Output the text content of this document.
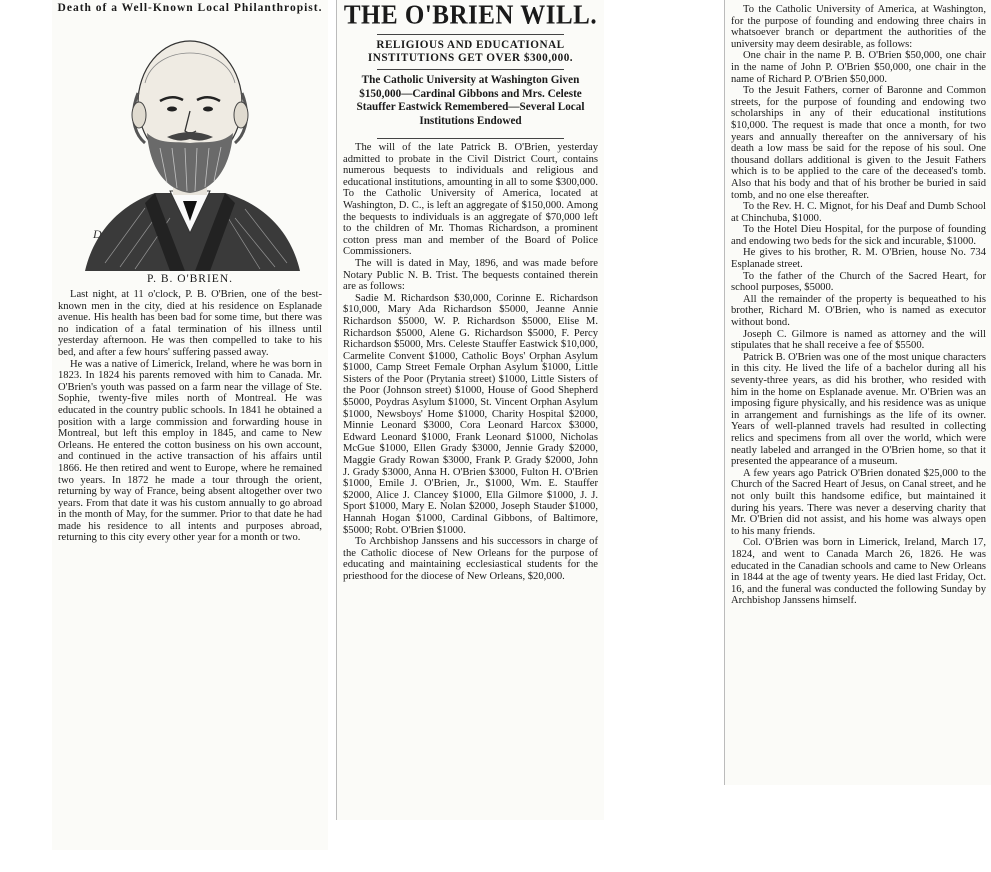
Death of a Well-Known Local Philanthropist.
D
P. B. O'BRIEN.

Last night, at 11 o'clock, P. B. O'Brien, one of the best-known men in the city, died at his residence on Esplanade avenue. His health has been bad for some time, but there was no indication of a fatal termination of his illness until yesterday afternoon. He was then compelled to take to his bed, and after a few hours' suffering passed away.

He was a native of Limerick, Ireland, where he was born in 1823. In 1824 his parents removed with him to Canada. Mr. O'Brien's youth was passed on a farm near the village of Ste. Sophie, twenty-five miles north of Montreal. He was educated in the country public schools. In 1841 he obtained a position with a large commission and forwarding house in Montreal, but left this employ in 1845, and came to New Orleans. He entered the cotton business on his own account, and continued in the active transaction of his affairs until 1866. He then retired and went to Europe, where he remained two years. In 1872 he made a tour through the orient, returning by way of France, being absent altogether over two years. From that date it was his custom annually to go abroad in the month of May, for the summer. Prior to that date he had made his residence to all intents and purposes abroad, returning to this city every other year for a month or two.

THE O'BRIEN WILL.
RELIGIOUS AND EDUCATIONAL INSTITUTIONS GET OVER $300,000.
The Catholic University at Washington Given $150,000—Cardinal Gibbons and Mrs. Celeste Stauffer Eastwick Remembered—Several Local Institutions Endowed

The will of the late Patrick B. O'Brien, yesterday admitted to probate in the Civil District Court, contains numerous bequests to individuals and religious and educational institutions, amounting in all to some $300,000. To the Catholic University of America, located at Washington, D. C., is left an aggregate of $150,000. Among the bequests to individuals is an aggregate of $70,000 left to the children of Mr. Thomas Richardson, a prominent cotton press man and member of the Board of Police Commissioners.

The will is dated in May, 1896, and was made before Notary Public N. B. Trist. The bequests contained therein are as follows:

Sadie M. Richardson $30,000, Corinne E. Richardson $10,000, Mary Ada Richardson $5000, Jeanne Annie Richardson $5000, W. P. Richardson $5000, Elise M. Richardson $5000, Alene G. Richardson $5000, F. Percy Richardson $5000, Mrs. Celeste Stauffer Eastwick $10,000, Carmelite Convent $1000, Catholic Boys' Orphan Asylum $1000, Camp Street Female Orphan Asylum $1000, Little Sisters of the Poor (Prytania street) $1000, Little Sisters of the Poor (Johnson street) $1000, House of Good Shepherd $5000, Poydras Asylum $1000, St. Vincent Orphan Asylum $1000, Newsboys' Home $1000, Charity Hospital $2000, Minnie Leonard $3000, Cora Leonard Harcox $3000, Edward Leonard $1000, Frank Leonard $1000, Nicholas McGue $1000, Ellen Grady $3000, Jennie Grady $2000, Maggie Grady Rowan $3000, Frank P. Grady $2000, John J. Grady $3000, Anna H. O'Brien $3000, Fulton H. O'Brien $1000, Emile J. O'Brien, Jr., $1000, Wm. E. Stauffer $2000, Alice J. Clancey $1000, Ella Gilmore $1000, J. J. Sport $1000, Mary E. Nolan $2000, Joseph Stauder $1000, Hannah Hogan $1000, Cardinal Gibbons, of Baltimore, $5000; Robt. O'Brien $1000.

To Archbishop Janssens and his successors in charge of the Catholic diocese of New Orleans for the purpose of educating and maintaining ecclesiastical students for the priesthood for the diocese of New Orleans, $20,000.

To the Catholic University of America, at Washington, for the purpose of founding and endowing three chairs in whatsoever branch or department the authorities of the university may deem desirable, as follows:

One chair in the name P. B. O'Brien $50,000, one chair in the name of John P. O'Brien $50,000, one chair in the name of Richard P. O'Brien $50,000.

To the Jesuit Fathers, corner of Baronne and Common streets, for the purpose of founding and endowing two scholarships in any of their educational institutions $10,000. The request is made that once a month, for two years and annually thereafter on the anniversary of his death a low mass be said for the repose of his soul. One thousand dollars additional is given to the Jesuit Fathers which is to be applied to the care of the deceased's tomb. Also that his body and that of his brother be buried in said tomb, and no one else thereafter.

To the Rev. H. C. Mignot, for his Deaf and Dumb School at Chinchuba, $1000.

To the Hotel Dieu Hospital, for the purpose of founding and endowing two beds for the sick and incurable, $1000.

He gives to his brother, R. M. O'Brien, house No. 734 Esplanade street.

To the father of the Church of the Sacred Heart, for school purposes, $5000.

All the remainder of the property is bequeathed to his brother, Richard M. O'Brien, who is named as executor without bond.

Joseph C. Gilmore is named as attorney and the will stipulates that he shall receive a fee of $5500.

Patrick B. O'Brien was one of the most unique characters in this city. He lived the life of a bachelor during all his seventy-three years, as did his brother, who resided with him in the home on Esplanade avenue. Mr. O'Brien was an imposing figure physically, and his residence was as unique in arrangement and furnishings as the life of its owner. Years of well-planned travels had resulted in collecting relics and specimens from all over the world, which were neatly labeled and arranged in the O'Brien home, so that it presented the appearance of a museum.

A few years ago Patrick O'Brien donated $25,000 to the Church of the Sacred Heart of Jesus, on Canal street, and he not only built this handsome edifice, but maintained it during his years. There was never a deserving charity that Mr. O'Brien did not assist, and his home was always open to his many friends.

Col. O'Brien was born in Limerick, Ireland, March 17, 1824, and went to Canada March 26, 1826. He was educated in the Canadian schools and came to New Orleans in 1844 at the age of twenty years. He died last Friday, Oct. 16, and the funeral was conducted the following Sunday by Archbishop Janssens himself.
